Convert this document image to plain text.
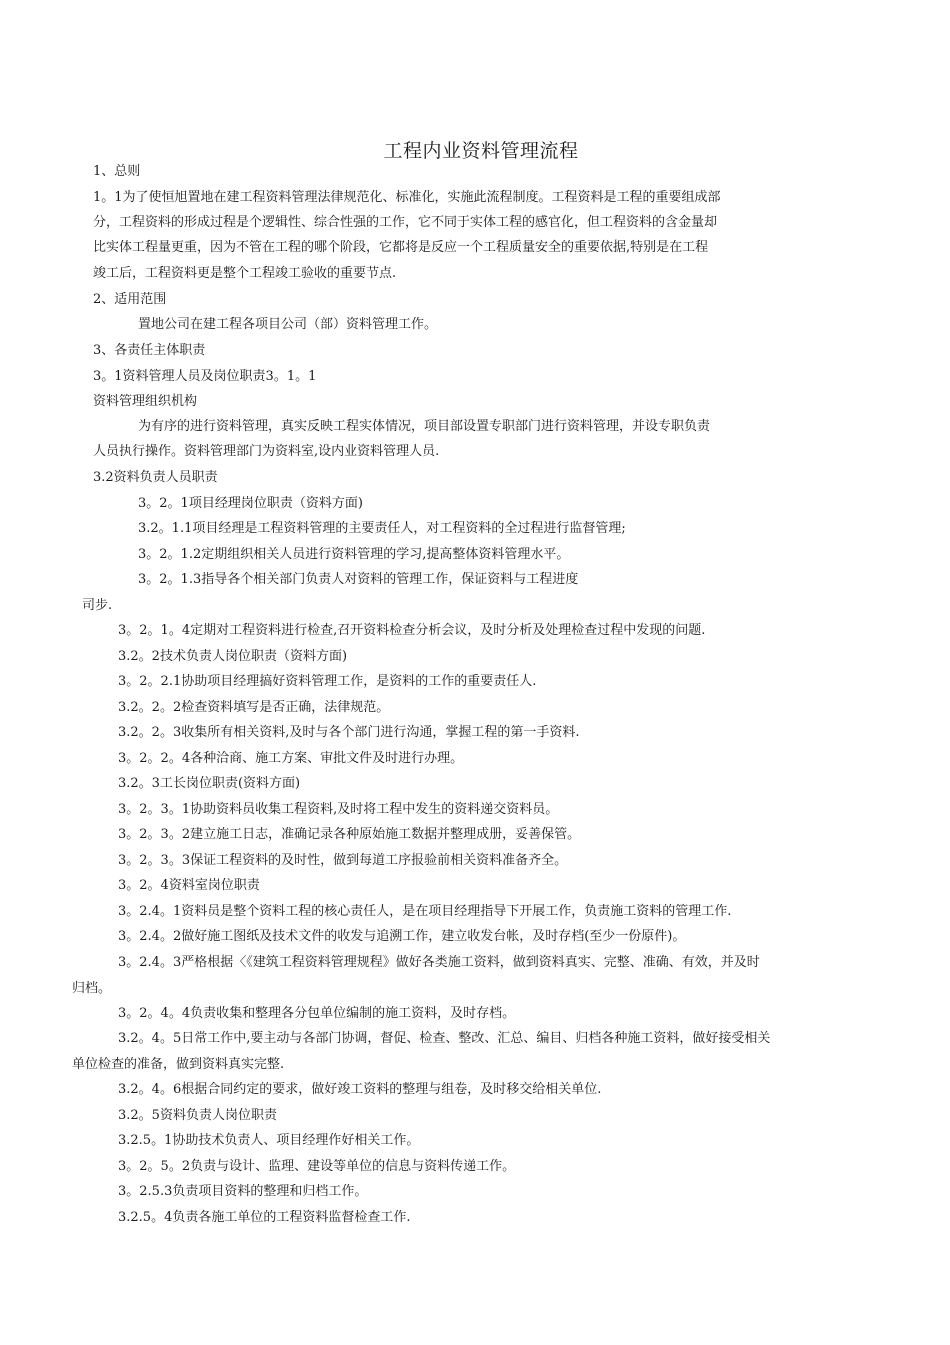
工程内业资料管理流程
1、总则
1。1为了使恒旭置地在建工程资料管理法律规范化、标准化，实施此流程制度。工程资料是工程的重要组成部
分，工程资料的形成过程是个逻辑性、综合性强的工作，它不同于实体工程的感官化，但工程资料的含金量却
比实体工程量更重，因为不管在工程的哪个阶段，它都将是反应一个工程质量安全的重要依据,特别是在工程
竣工后，工程资料更是整个工程竣工验收的重要节点.
2、适用范围
置地公司在建工程各项目公司（部）资料管理工作。
3、各责任主体职责
3。1资料管理人员及岗位职责3。1。1
资料管理组织机构
为有序的进行资料管理，真实反映工程实体情况，项目部设置专职部门进行资料管理，并设专职负责
人员执行操作。资料管理部门为资料室,设内业资料管理人员.
3.2资料负责人员职责
3。2。1项目经理岗位职责（资料方面)
3.2。1.1项目经理是工程资料管理的主要责任人，对工程资料的全过程进行监督管理;
3。2。1.2定期组织相关人员进行资料管理的学习,提高整体资料管理水平。
3。2。1.3指导各个相关部门负责人对资料的管理工作，保证资料与工程进度
司步.
3。2。1。4定期对工程资料进行检查,召开资料检查分析会议，及时分析及处理检查过程中发现的问题.
3.2。2技术负责人岗位职责（资料方面)
3。2。2.1协助项目经理搞好资料管理工作，是资料的工作的重要责任人.
3.2。2。2检查资料填写是否正确，法律规范。
3.2。2。3收集所有相关资料,及时与各个部门进行沟通，掌握工程的第一手资料.
3。2。2。4各种洽商、施工方案、审批文件及时进行办理。
3.2。3工长岗位职责(资料方面)
3。2。3。1协助资料员收集工程资料,及时将工程中发生的资料递交资料员。
3。2。3。2建立施工日志，准确记录各种原始施工数据并整理成册，妥善保管。
3。2。3。3保证工程资料的及时性，做到每道工序报验前相关资料准备齐全。
3。2。4资料室岗位职责
3。2.4。1资料员是整个资料工程的核心责任人，是在项目经理指导下开展工作，负责施工资料的管理工作.
3。2.4。2做好施工图纸及技术文件的收发与追溯工作，建立收发台帐，及时存档(至少一份原件)。
3。2.4。3严格根据〈《建筑工程资料管理规程》做好各类施工资料，做到资料真实、完整、准确、有效，并及时
归档。
3。2。4。4负责收集和整理各分包单位编制的施工资料，及时存档。
3.2。4。5日常工作中,要主动与各部门协调，督促、检查、整改、汇总、编目、归档各种施工资料，做好接受相关
单位检查的准备，做到资料真实完整.
3.2。4。6根据合同约定的要求，做好竣工资料的整理与组卷，及时移交给相关单位.
3.2。5资料负责人岗位职责
3.2.5。1协助技术负责人、项目经理作好相关工作。
3。2。5。2负责与设计、监理、建设等单位的信息与资料传递工作。
3。2.5.3负责项目资料的整理和归档工作。
3.2.5。4负责各施工单位的工程资料监督检查工作.
